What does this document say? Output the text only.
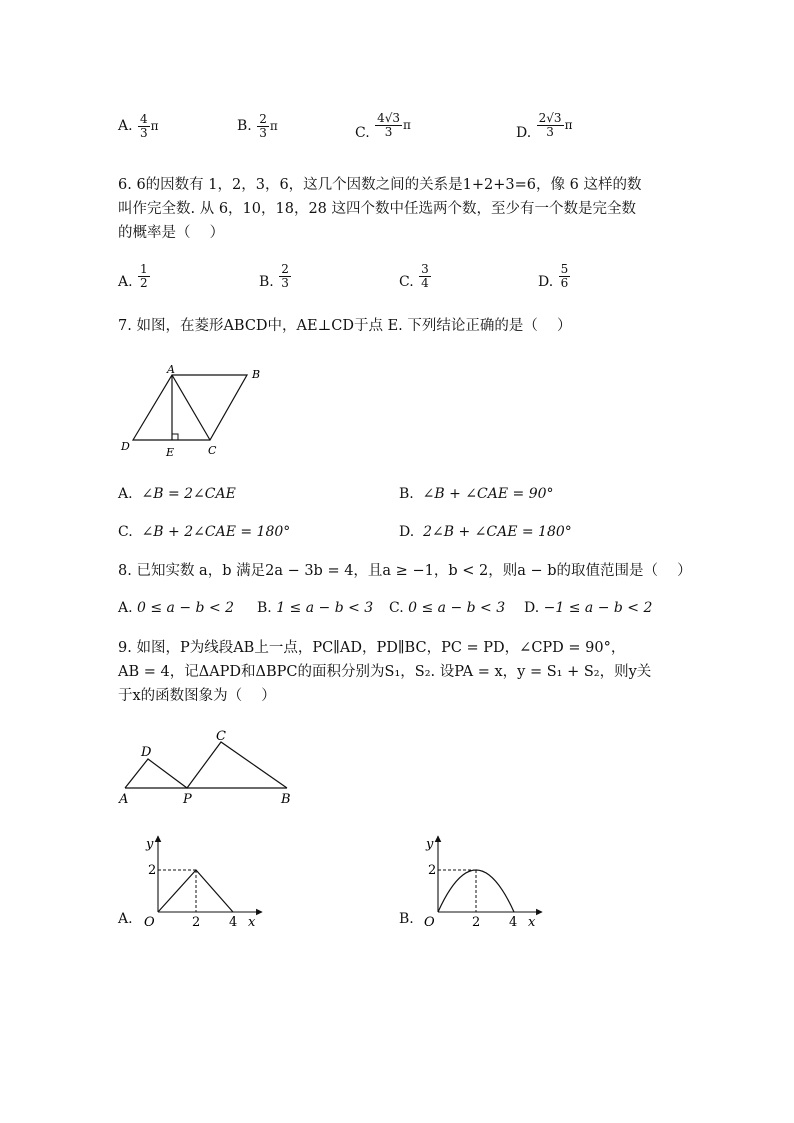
A. $\frac{4}{3}$ π	B. $\frac{2}{3}$ π	C. $\frac{4√3}{3}$ π	D. $\frac{2√3}{3}$ π
6. 6的因数有 1，2，3，6，这几个因数之间的关系是1+2+3=6，像 6 这样的数
叫作完全数. 从 6，10，18，28 这四个数中任选两个数，至少有一个数是完全数
的概率是（　 ）
A. $\frac{1}{2}$	B. $\frac{2}{3}$	C. $\frac{3}{4}$	D. $\frac{5}{6}$
7. 如图，在菱形ABCD中，AE⊥CD于点 E. 下列结论正确的是（　 ）
A	B
C
D	E
A. ∠B = 2∠CAE	B. ∠B + ∠CAE = 90°
C. ∠B + 2∠CAE = 180°	D. 2∠B + ∠CAE = 180°
8. 已知实数 a，b 满足2a − 3b = 4，且a ≥ −1，b < 2，则a − b的取值范围是（　 ）
A. 0 ≤ a − b < 2 B. 1 ≤ a − b < 3 C. 0 ≤ a − b < 3 D. −1 ≤ a − b < 2
9. 如图，P为线段AB上一点，PC∥AD，PD∥BC，PC = PD，∠CPD = 90°，
AB = 4，记ΔAPD和ΔBPC的面积分别为S₁，S₂. 设PA = x，y = S₁ + S₂，则y关
于x的函数图象为（　 ）
D
C
A	P	B
A.
y
x
O
2
2 4	B.
y
x
O
2
2 4
